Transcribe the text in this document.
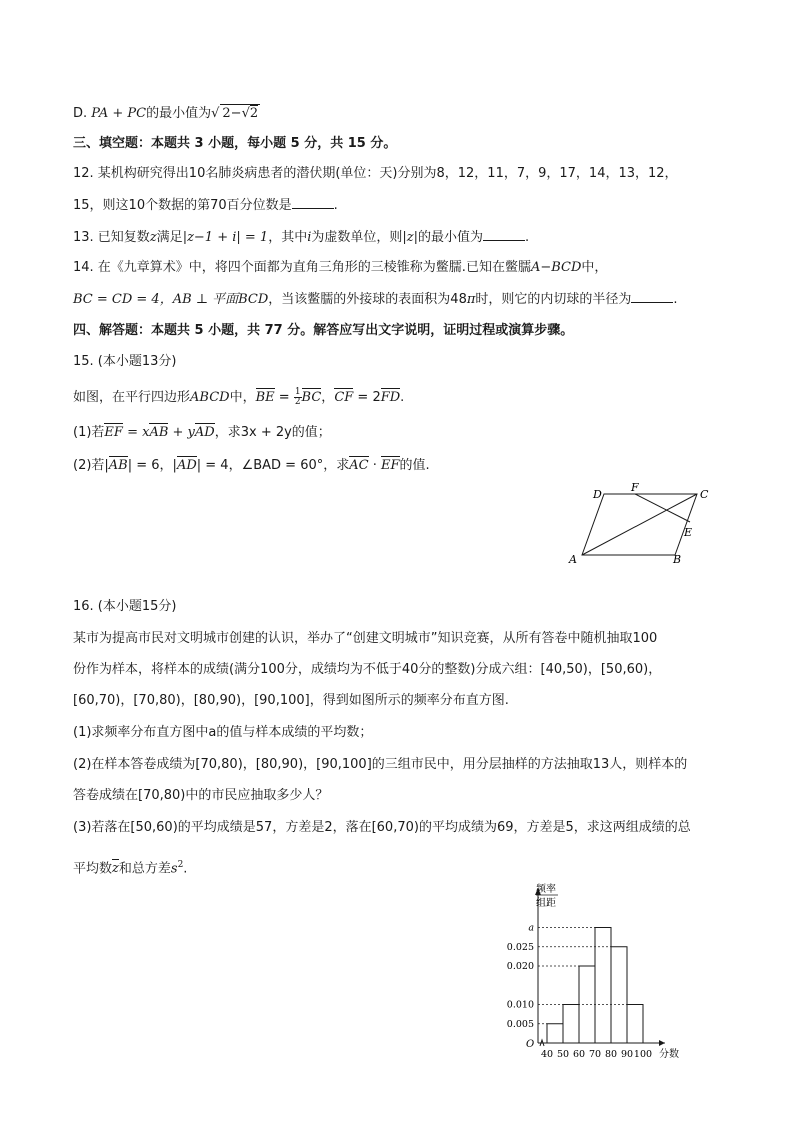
D. PA + PC的最小值为√ 2−√2
三、填空题：本题共 3 小题，每小题 5 分，共 15 分。
12. 某机构研究得出10名肺炎病患者的潜伏期(单位：天)分别为8，12，11，7，9，17，14，13，12，
15，则这10个数据的第70百分位数是	.
13. 已知复数z满足|z−1 + i| = 1，其中i为虚数单位，则|z|的最小值为	.
14. 在《九章算术》中，将四个面都为直角三角形的三棱锥称为鳖臑.已知在鳖臑A−BCD中，
BC = CD = 4，AB ⊥ 平面BCD，当该鳖臑的外接球的表面积为48π时，则它的内切球的半径为	.
四、解答题：本题共 5 小题，共 77 分。解答应写出文字说明，证明过程或演算步骤。
15. (本小题13分)
如图，在平行四边形ABCD中，BE = $\frac{1}{2}$ BC，CF = 2FD.
(1)若EF = xAB + yAD，求3x + 2y的值；
(2)若|AB| = 6，|AD| = 4，∠BAD = 60°，求AC · EF的值.
A	B
C
D
E
F
16. (本小题15分)
某市为提高市民对文明城市创建的认识，举办了“创建文明城市”知识竞赛，从所有答卷中随机抽取100
份作为样本，将样本的成绩(满分100分，成绩均为不低于40分的整数)分成六组：[40,50)，[50,60)，
[60,70)，[70,80)，[80,90)，[90,100]，得到如图所示的频率分布直方图.
(1)求频率分布直方图中a的值与样本成绩的平均数；
(2)在样本答卷成绩为[70,80)，[80,90)，[90,100]的三组市民中，用分层抽样的方法抽取13人，则样本的
答卷成绩在[70,80)中的市民应抽取多少人？
(3)若落在[50,60)的平均成绩是57，方差是2，落在[60,70)的平均成绩为69，方差是5，求这两组成绩的总
平均数z和总方差$s^2$.
频率
组距
O
0.005
0.010
0.020
0.025
a
40 50 60 70 80 90 100 分数
